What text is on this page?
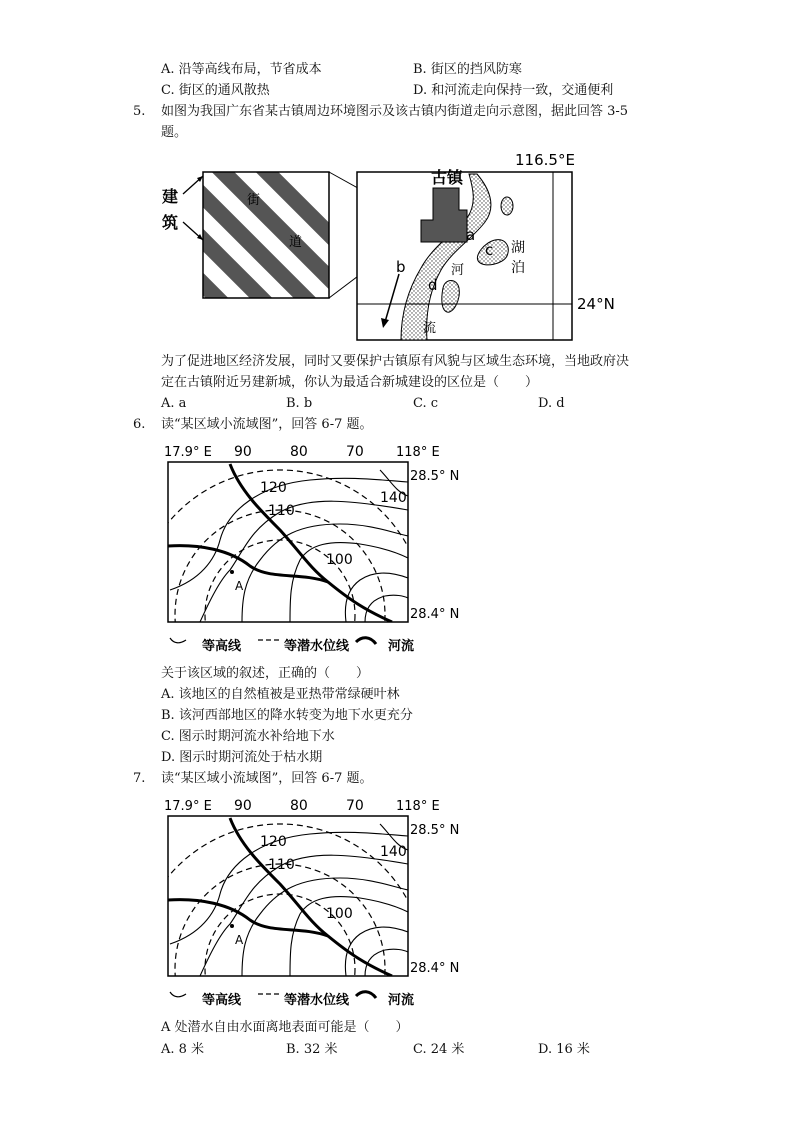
A. 沿等高线布局，节省成本	B. 街区的挡风防寒
C. 街区的通风散热	D. 和河流走向保持一致，交通便利
5. 如图为我国广东省某古镇周边环境图示及该古镇内街道走向示意图，据此回答 3-5
题。
街
道
建
筑
古镇
a
b
c
d
湖
泊
河
流
116.5°E
24°N
为了促进地区经济发展，同时又要保护古镇原有风貌与区域生态环境，当地政府决
定在古镇附近另建新城，你认为最适合新城建设的区位是（　　）
A. a	B. b	C. c	D. d
6. 读“某区域小流域图”，回答 6-7 题。
17.9° E 90	80	70 118° E
28.5° N
28.4° N
120
110
140
100
A
等高线	等潜水位线	河流
关于该区域的叙述，正确的（　　）
A. 该地区的自然植被是亚热带常绿硬叶林
B. 该河西部地区的降水转变为地下水更充分
C. 图示时期河流水补给地下水
D. 图示时期河流处于枯水期
7. 读“某区域小流域图”，回答 6-7 题。
17.9° E 90	80	70 118° E
28.5° N
28.4° N
120
110
140
100
A
等高线	等潜水位线	河流
A 处潜水自由水面离地表面可能是（　　）
A. 8 米	B. 32 米	C. 24 米	D. 16 米
